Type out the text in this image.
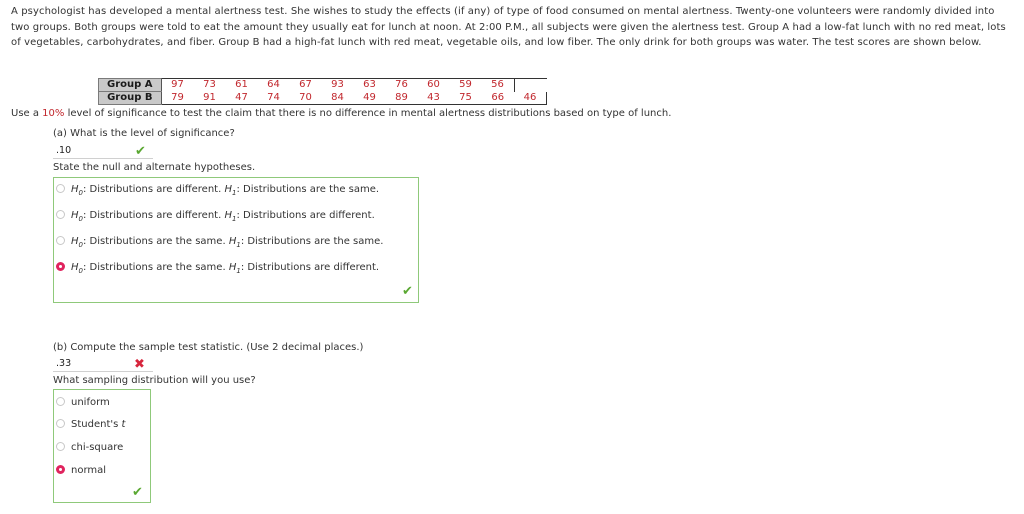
A psychologist has developed a mental alertness test. She wishes to study the effects (if any) of type of food consumed on mental alertness. Twenty-one volunteers were randomly divided into two groups. Both groups were told to eat the amount they usually eat for lunch at noon. At 2:00 P.M., all subjects were given the alertness test. Group A had a low-fat lunch with no red meat, lots of vegetables, carbohydrates, and fiber. Group B had a high-fat lunch with red meat, vegetable oils, and low fiber. The only drink for both groups was water. The test scores are shown below.
Group A	97	73	61	64	67	93	63	76	60	59	56	
Group B	79	91	47	74	70	84	49	89	43	75	66	46
Use a 10% level of significance to test the claim that there is no difference in mental alertness distributions based on type of lunch.
(a) What is the level of significance?
.10	✔
State the null and alternate hypotheses.
$H_0$: Distributions are different. $H_1$: Distributions are the same.
$H_0$: Distributions are different. $H_1$: Distributions are different.
$H_0$: Distributions are the same. $H_1$: Distributions are the same.
$H_0$: Distributions are the same. $H_1$: Distributions are different.
✔
(b) Compute the sample test statistic. (Use 2 decimal places.)
.33	✖
What sampling distribution will you use?
uniform
Student's t
chi-square
normal
✔
